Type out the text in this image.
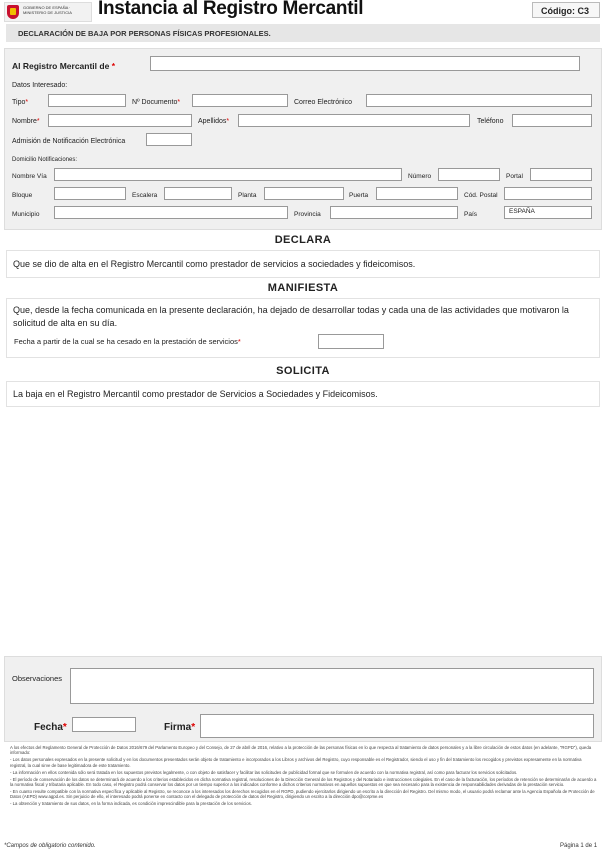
GOBIERNO DE ESPAÑA · MINISTERIO DE JUSTICIA	Instancia al Registro Mercantil	Código: C3
DECLARACIÓN DE BAJA POR PERSONAS FÍSICAS PROFESIONALES.
Al Registro Mercantil de *
Datos Interesado:
Tipo*	Nº Documento*	Correo Electrónico
Nombre*	Apellidos*	Teléfono
Admisión de Notificación Electrónica
Domicilio Notificaciones:
Nombre Vía	Número	Portal
Bloque	Escalera	Planta	Puerta	Cód. Postal
Municipio	Provincia	País	ESPAÑA
DECLARA
Que se dio de alta en el Registro Mercantil como prestador de servicios a sociedades y fideicomisos.
MANIFIESTA
Que, desde la fecha comunicada en la presente declaración, ha dejado de desarrollar todas y cada una de las actividades que motivaron la solicitud de alta en su día.
Fecha a partir de la cual se ha cesado en la prestación de servicios*
SOLICITA
La baja en el Registro Mercantil como prestador de Servicios a Sociedades y Fideicomisos.
Observaciones
Fecha*	Firma*

A los efectos del Reglamento General de Protección de Datos 2016/679 del Parlamento Europeo y del Consejo, de 27 de abril de 2016, relativo a la protección de las personas físicas en lo que respecta al tratamiento de datos personales y a la libre circulación de estos datos (en adelante, "RGPD"), queda informado:

- Los datos personales expresados en la presente solicitud y en los documentos presentados serán objeto de tratamiento e incorporados a los Libros y archivos del Registro, cuyo responsable es el Registrador, siendo el uso y fin del tratamiento los recogidos y previstos expresamente en la normativa registral, la cual sirve de base legitimadora de este tratamiento.

- La información en ellos contenida sólo será tratada en los supuestos previstos legalmente, o con objeto de satisfacer y facilitar las solicitudes de publicidad formal que se formulen de acuerdo con la normativa registral, así como para facturar los servicios solicitados.

- El período de conservación de los datos se determinará de acuerdo a los criterios establecidos en dicha normativa registral, resoluciones de la Dirección General de los Registros y del Notariado e instrucciones colegiales. En el caso de la facturación, los períodos de retención se determinarán de acuerdo a la normativa fiscal y tributaria aplicable. En todo caso, el Registro podrá conservar los datos por un tiempo superior a los indicados conforme a dichos criterios normativos en aquellos supuestos en que sea necesario para la existencia de responsabilidades derivadas de la prestación servicio.

- En cuanto resulte compatible con la normativa específica y aplicable al Registro, se reconoce a los interesados los derechos recogidos en el RGPD, pudiendo ejercitarlos dirigiendo un escrito a la dirección del Registro. Del mismo modo, el usuario podrá reclamar ante la Agencia Española de Protección de Datos (AEPD) www.agpd.es. Sin perjuicio de ello, el interesado podrá ponerse en contacto con el delegado de protección de datos del Registro, dirigiendo un escrito a la dirección dpo@corpme.es

- La obtención y tratamiento de sus datos, en la forma indicada, es condición imprescindible para la prestación de los servicios.

*Campos de obligatorio contenido.	Página 1 de 1
